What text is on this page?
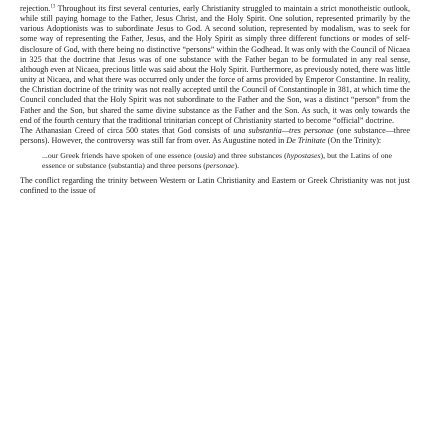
rejection.$^{13}$ Throughout its first several centuries, early Christianity struggled to maintain a strict monotheistic outlook, while still paying homage to the Father, Jesus Christ, and the Holy Spirit. One solution, represented primarily by the various Adoptionists was to subordinate Jesus to God. A second solution, represented by modalism, was to seek for some way of representing the Father, Jesus, and the Holy Spirit as simply three different functions or modes of self-disclosure of God, with there being no distinctive “persons” within the Godhead. It was only with the Council of Nicaea in 325 that the doctrine that Jesus was of one substance with the Father began to be formulated in any real sense, although even at Nicaea, precious little was said about the Holy Spirit. Furthermore, as previously noted, there was little unity at Nicaea, and what there was occurred only under the force of arms provided by Emperor Constantine. In reality, the Christian doctrine of the trinity was not really accepted until the Council of Constantinople in 381, at which time the Council concluded that the Holy Spirit was not subordinate to the Father and the Son, was a distinct “person” from the Father and the Son, but shared the same divine substance as the Father and the Son. As such, it was only towards the end of the fourth century that the traditional trinitarian concept of Christianity started to become “official” doctrine.

The Athanasian Creed of circa 500 states that God consists of una substantia—tres personae (one substance—three persons). However, the controversy was still far from over. As Augustine noted in De Trinitate (On the Trinity):

...our Greek friends have spoken of one essence (ousia) and three substances (hypostases), but the Latins of one essence or substance (substantia) and three persons (personae).

The conflict regarding the trinity between Western or Latin Christianity and Eastern or Greek Christianity was not just confined to the issue of
